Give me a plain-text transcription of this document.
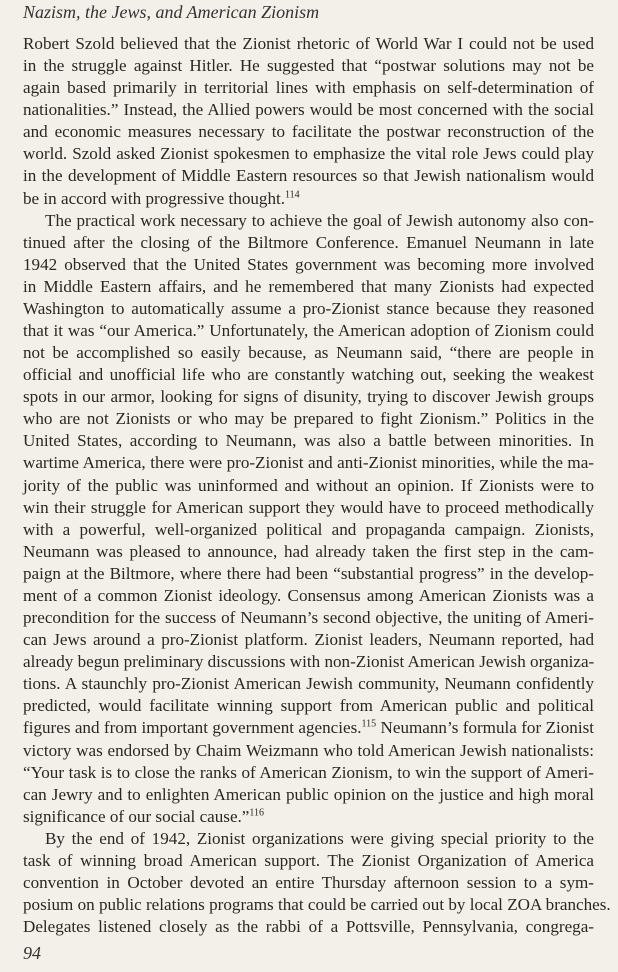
Nazism, the Jews, and American Zionism

Robert Szold believed that the Zionist rhetoric of World War I could not be used
in the struggle against Hitler. He suggested that “postwar solutions may not be
again based primarily in territorial lines with emphasis on self-determination of
nationalities.” Instead, the Allied powers would be most concerned with the social
and economic measures necessary to facilitate the postwar reconstruction of the
world. Szold asked Zionist spokesmen to emphasize the vital role Jews could play
in the development of Middle Eastern resources so that Jewish nationalism would
be in accord with progressive thought.$^{114}$

The practical work necessary to achieve the goal of Jewish autonomy also con-
tinued after the closing of the Biltmore Conference. Emanuel Neumann in late
1942 observed that the United States government was becoming more involved
in Middle Eastern affairs, and he remembered that many Zionists had expected
Washington to automatically assume a pro-Zionist stance because they reasoned
that it was “our America.” Unfortunately, the American adoption of Zionism could
not be accomplished so easily because, as Neumann said, “there are people in
official and unofficial life who are constantly watching out, seeking the weakest
spots in our armor, looking for signs of disunity, trying to discover Jewish groups
who are not Zionists or who may be prepared to fight Zionism.” Politics in the
United States, according to Neumann, was also a battle between minorities. In
wartime America, there were pro-Zionist and anti-Zionist minorities, while the ma-
jority of the public was uninformed and without an opinion. If Zionists were to
win their struggle for American support they would have to proceed methodically
with a powerful, well-organized political and propaganda campaign. Zionists,
Neumann was pleased to announce, had already taken the first step in the cam-
paign at the Biltmore, where there had been “substantial progress” in the develop-
ment of a common Zionist ideology. Consensus among American Zionists was a
precondition for the success of Neumann’s second objective, the uniting of Ameri-
can Jews around a pro-Zionist platform. Zionist leaders, Neumann reported, had
already begun preliminary discussions with non-Zionist American Jewish organiza-
tions. A staunchly pro-Zionist American Jewish community, Neumann confidently
predicted, would facilitate winning support from American public and political
figures and from important government agencies.$^{115}$ Neumann’s formula for Zionist
victory was endorsed by Chaim Weizmann who told American Jewish nationalists:
“Your task is to close the ranks of American Zionism, to win the support of Ameri-
can Jewry and to enlighten American public opinion on the justice and high moral
significance of our social cause.”$^{116}$

By the end of 1942, Zionist organizations were giving special priority to the
task of winning broad American support. The Zionist Organization of America
convention in October devoted an entire Thursday afternoon session to a sym-
posium on public relations programs that could be carried out by local ZOA branches.
Delegates listened closely as the rabbi of a Pottsville, Pennsylvania, congrega-

94
